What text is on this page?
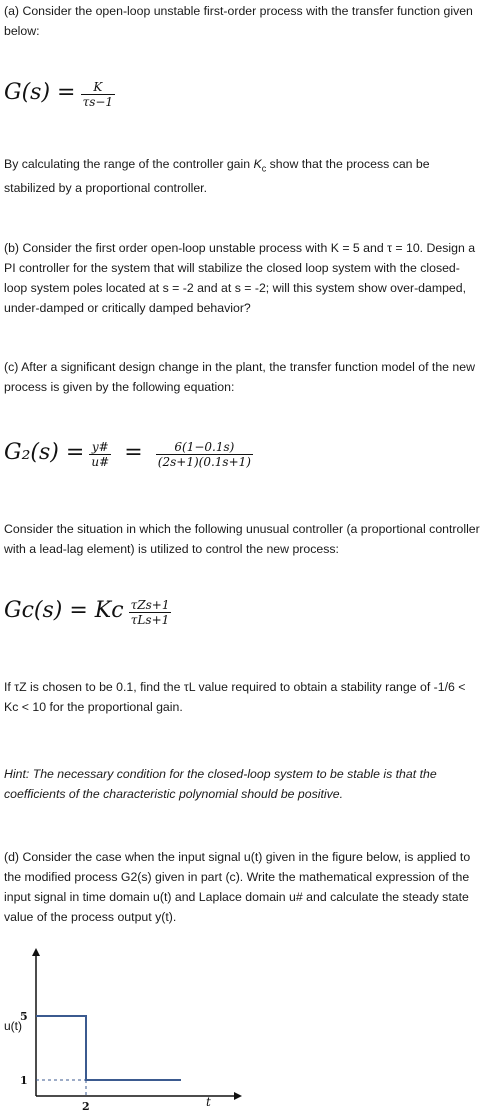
(a) Consider the open-loop unstable first-order process with the transfer function given below:

$G(s) = \frac{K}{\tau s-1}$

By calculating the range of the controller gain $K_c$ show that the process can be stabilized by a proportional controller.

(b) Consider the first order open-loop unstable process with K = 5 and τ = 10. Design a PI controller for the system that will stabilize the closed loop system with the closed-loop system poles located at s = -2 and at s = -2; will this system show over-damped, under-damped or critically damped behavior?

(c) After a significant design change in the plant, the transfer function model of the new process is given by the following equation:

$G_2(s) = \frac{y\#}{u\#} = \frac{6(1-0.1s)}{(2s+1)(0.1s+1)}$

Consider the situation in which the following unusual controller (a proportional controller with a lead-lag element) is utilized to control the new process:

Gc(s) = Kc $\frac{\text{τZs+1}}{\text{τLs+1}}$

If τZ is chosen to be 0.1, find the τL value required to obtain a stability range of -1/6 < Kc < 10 for the proportional gain.

Hint: The necessary condition for the closed-loop system to be stable is that the coefficients of the characteristic polynomial should be positive.

(d) Consider the case when the input signal u(t) given in the figure below, is applied to the modified process G2(s) given in part (c). Write the mathematical expression of the input signal in time domain u(t) and Laplace domain u# and calculate the steady state value of the process output y(t).

5
1
2
u(t)
t
